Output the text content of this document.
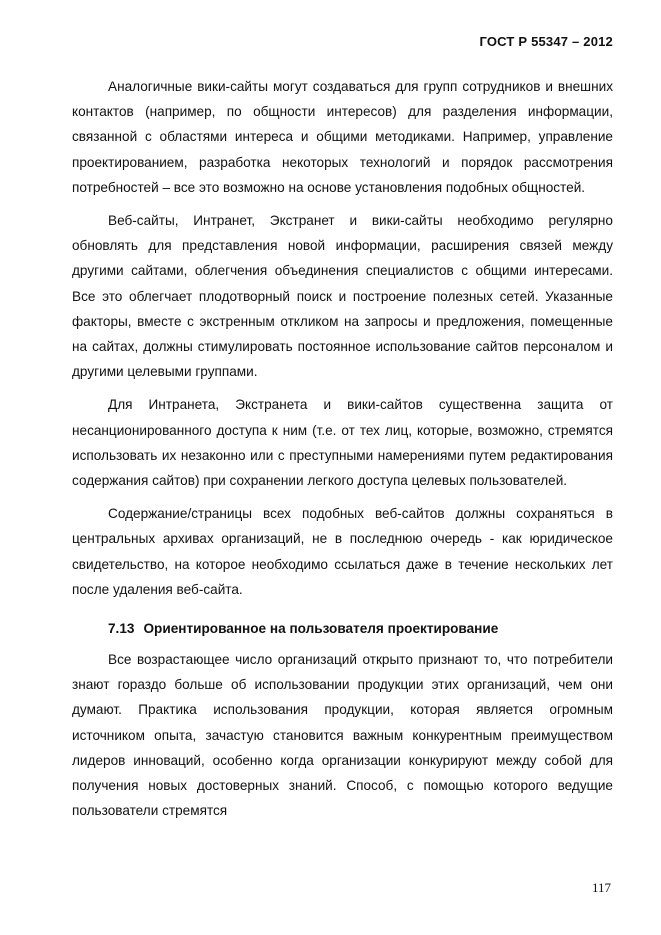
ГОСТ Р 55347 – 2012

Аналогичные вики-сайты могут создаваться для групп сотрудников и внешних контактов (например, по общности интересов) для разделения информации, связанной с областями интереса и общими методиками. Например, управление проектированием, разработка некоторых технологий и порядок рассмотрения потребностей – все это возможно на основе установления подобных общностей.

Веб-сайты, Интранет, Экстранет и вики-сайты необходимо регулярно обновлять для представления новой информации, расширения связей между другими сайтами, облегчения объединения специалистов с общими интересами. Все это облегчает плодотворный поиск и построение полезных сетей. Указанные факторы, вместе с экстренным откликом на запросы и предложения, помещенные на сайтах, должны стимулировать постоянное использование сайтов персоналом и другими целевыми группами.

Для Интранета, Экстранета и вики-сайтов существенна защита от несанционированного доступа к ним (т.е. от тех лиц, которые, возможно, стремятся использовать их незаконно или с преступными намерениями путем редактирования содержания сайтов) при сохранении легкого доступа целевых пользователей.

Содержание/страницы всех подобных веб-сайтов должны сохраняться в центральных архивах организаций, не в последнюю очередь - как юридическое свидетельство, на которое необходимо ссылаться даже в течение нескольких лет после удаления веб-сайта.

7.13 Ориентированное на пользователя проектирование

Все возрастающее число организаций открыто признают то, что потребители знают гораздо больше об использовании продукции этих организаций, чем они думают. Практика использования продукции, которая является огромным источником опыта, зачастую становится важным конкурентным преимуществом лидеров инноваций, особенно когда организации конкурируют между собой для получения новых достоверных знаний. Способ, с помощью которого ведущие пользователи стремятся

117
